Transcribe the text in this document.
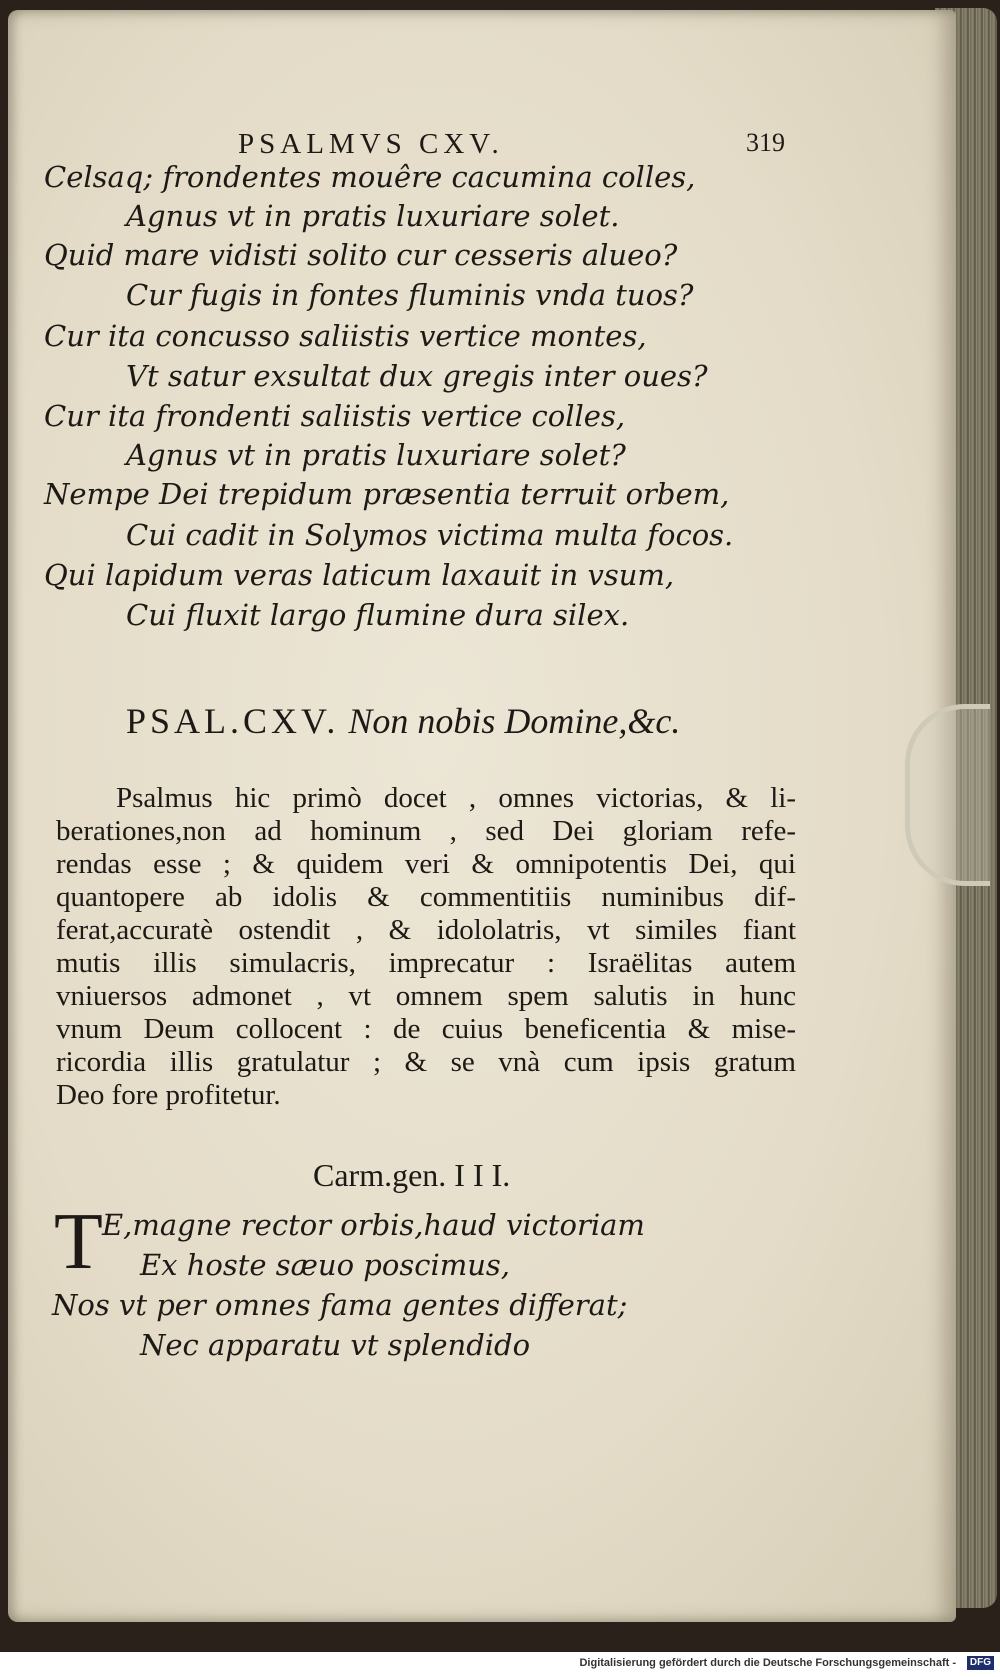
PSALMVS CXV.	319
Celsaq; frondentes mouêre cacumina colles,
Agnus vt in pratis luxuriare solet.
Quid mare vidisti solito cur cesseris alueo?
Cur fugis in fontes fluminis vnda tuos?
Cur ita concusso saliistis vertice montes,
Vt satur exsultat dux gregis inter oues?
Cur ita frondenti saliistis vertice colles,
Agnus vt in pratis luxuriare solet?
Nempe Dei trepidum præsentia terruit orbem,
Cui cadit in Solymos victima multa focos.
Qui lapidum veras laticum laxauit in vsum,
Cui fluxit largo flumine dura silex.
PSAL.CXV. Non nobis Domine,&c.
Psalmus hic primò docet , omnes victorias, & li-
berationes,non ad hominum , sed Dei gloriam refe-
rendas esse ; & quidem veri & omnipotentis Dei, qui
quantopere ab idolis & commentitiis numinibus dif-
ferat,accuratè ostendit , & idololatris, vt similes fiant
mutis illis simulacris, imprecatur : Israëlitas autem
vniuersos admonet , vt omnem spem salutis in hunc
vnum Deum collocent : de cuius beneficentia & mise-
ricordia illis gratulatur ; & se vnà cum ipsis gratum
Deo fore profitetur.
Carm.gen. I I I.
T E,magne rector orbis,haud victoriam
Ex hoste sæuo poscimus,
Nos vt per omnes fama gentes differat;
Nec apparatu vt splendido
Digitalisierung gefördert durch die Deutsche Forschungsgemeinschaft -	DFG
